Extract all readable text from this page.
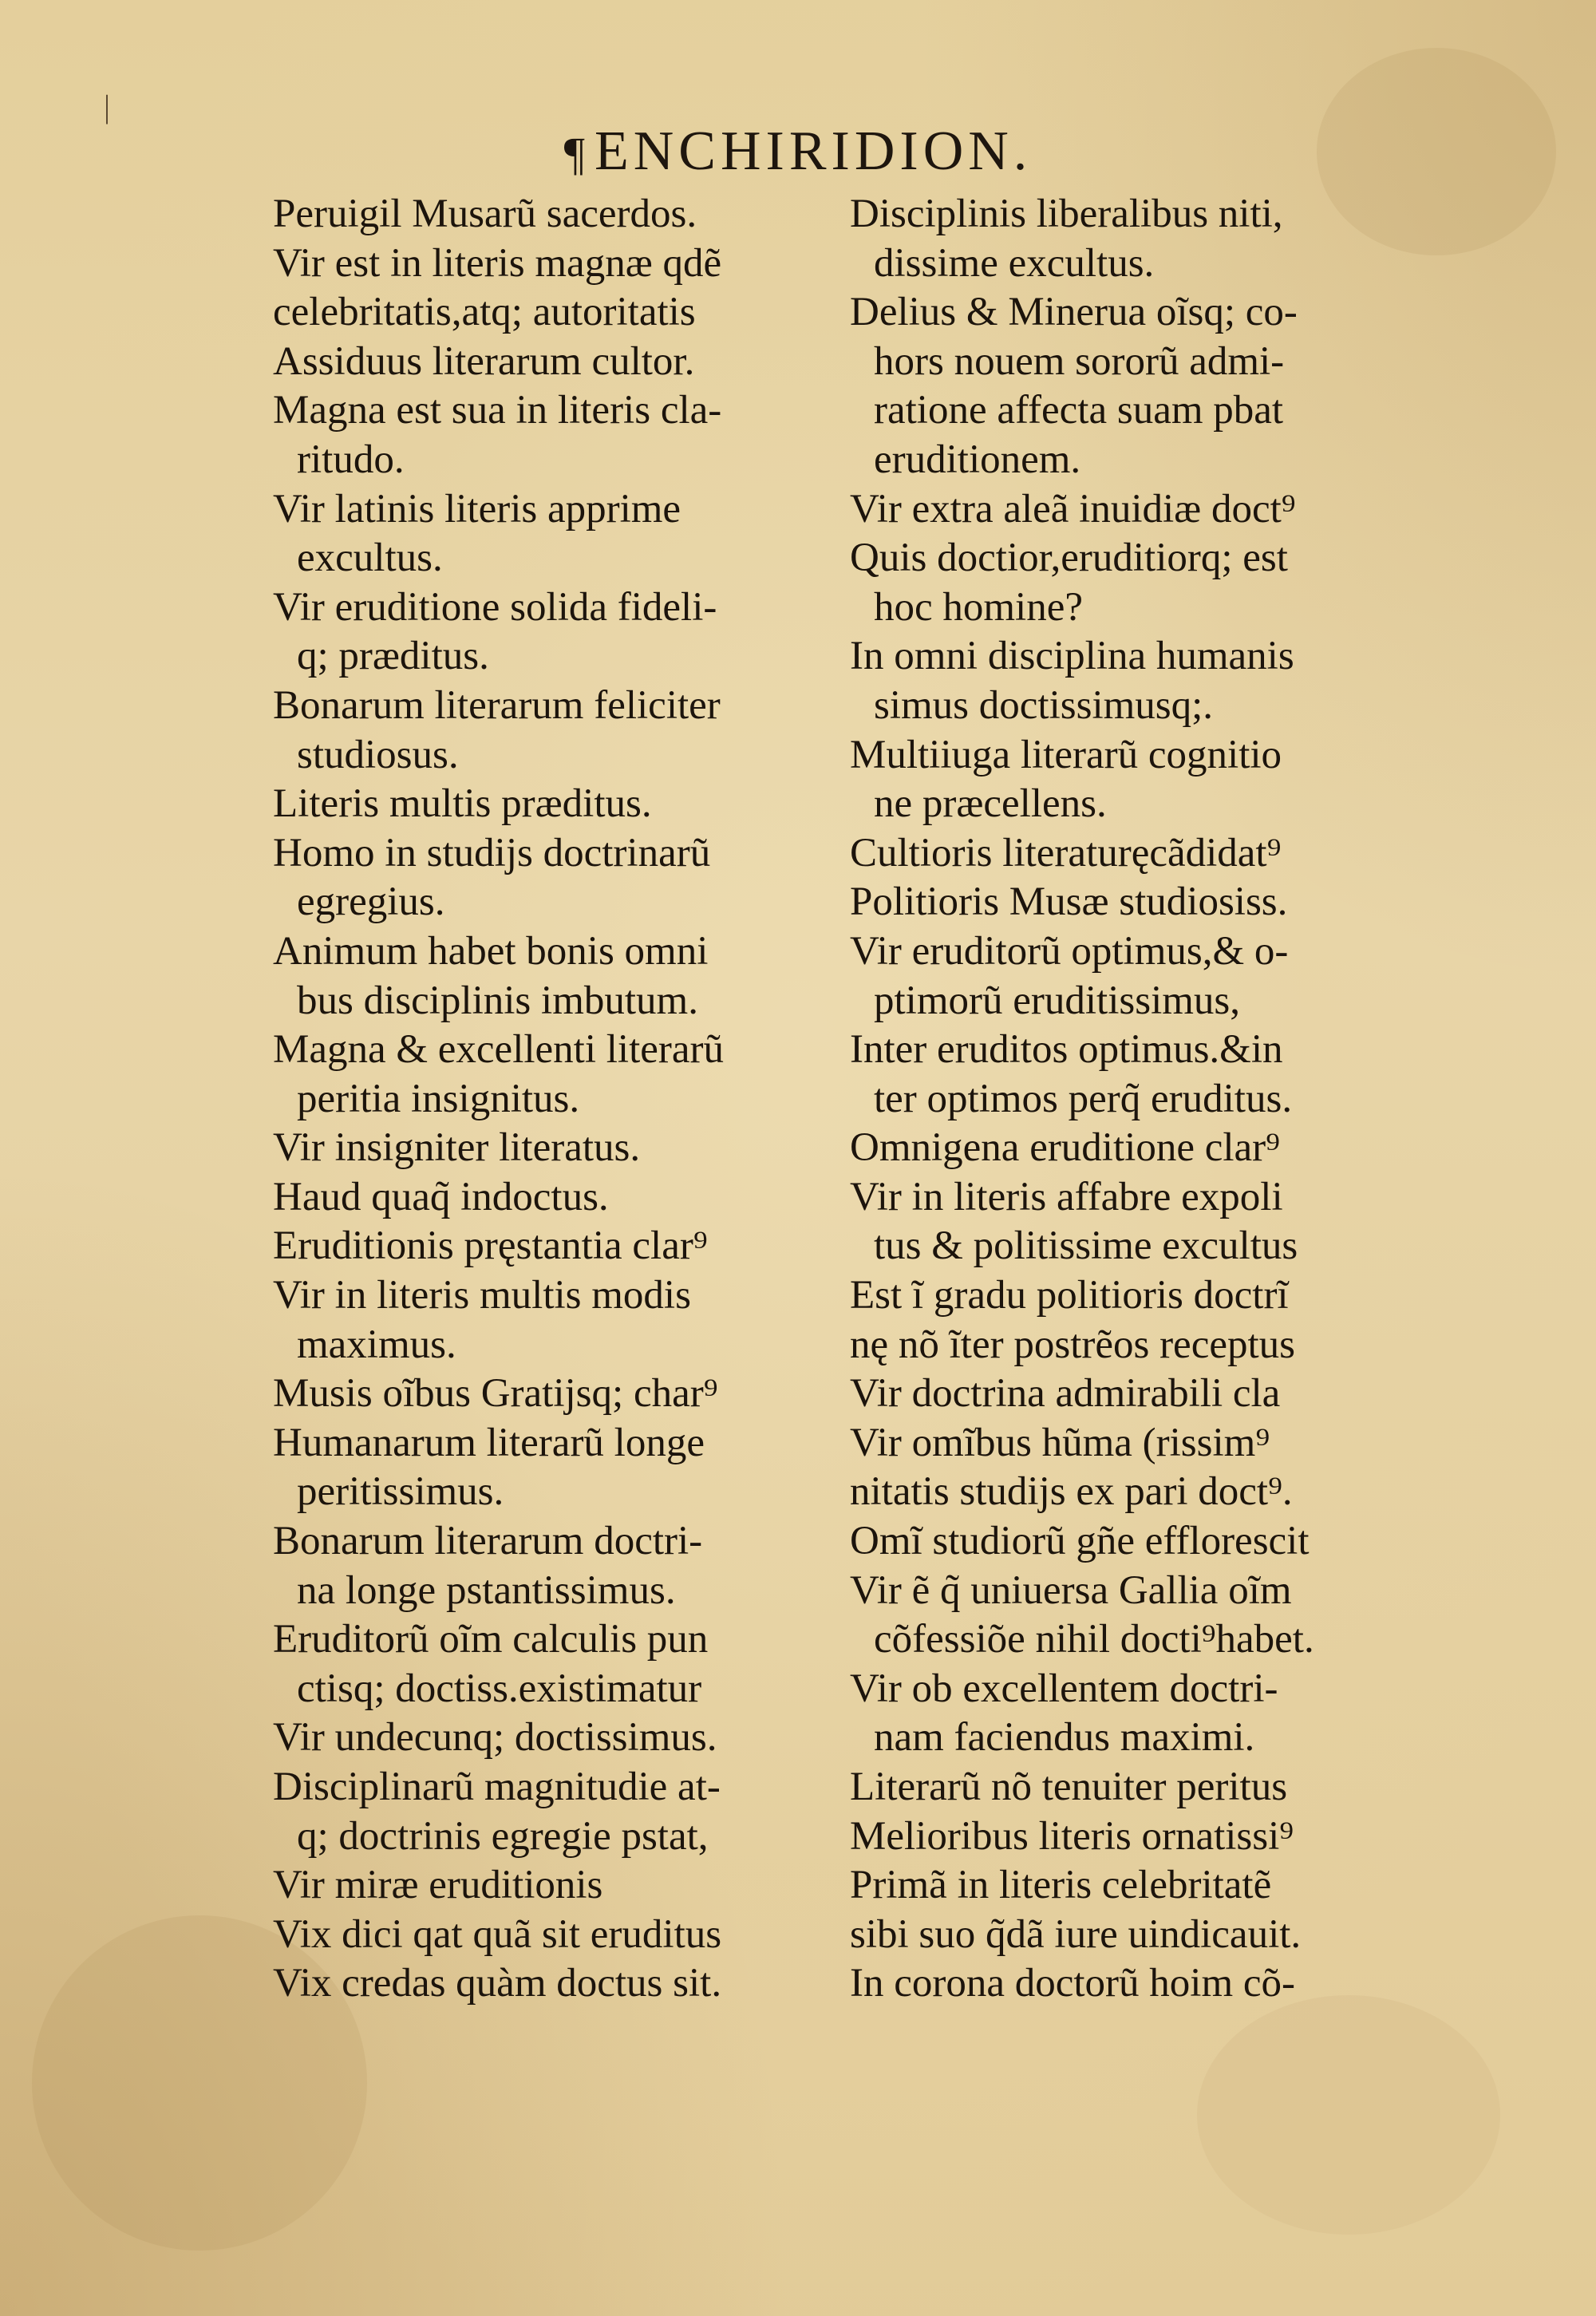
|
¶ENCHIRIDION.
Peruigil Musarũ sacerdos.
Vir est in literis magnæ qdẽ
celebritatis,atq; autoritatis
Assiduus literarum cultor.
Magna est sua in literis cla-
ritudo.
Vir latinis literis apprime
excultus.
Vir eruditione solida fideli-
q; præditus.
Bonarum literarum feliciter
studiosus.
Literis multis præditus.
Homo in studijs doctrinarũ
egregius.
Animum habet bonis omni
bus disciplinis imbutum.
Magna & excellenti literarũ
peritia insignitus.
Vir insigniter literatus.
Haud quaq̃ indoctus.
Eruditionis pręstantia clar⁹
Vir in literis multis modis
maximus.
Musis oĩbus Gratijsq; char⁹
Humanarum literarũ longe
peritissimus.
Bonarum literarum doctri-
na longe pstantissimus.
Eruditorũ oĩm calculis pun
ctisq; doctiss.existimatur
Vir undecunq; doctissimus.
Disciplinarũ magnitudie at-
q; doctrinis egregie pstat,
Vir miræ eruditionis
Vix dici qat quã sit eruditus
Vix credas quàm doctus sit.
Disciplinis liberalibus niti,
dissime excultus.
Delius & Minerua oĩsq; co-
hors nouem sororũ admi-
ratione affecta suam pbat
eruditionem.
Vir extra aleã inuidiæ doct⁹
Quis doctior,eruditiorq; est
hoc homine?
In omni disciplina humanis
simus doctissimusq;.
Multiiuga literarũ cognitio
ne præcellens.
Cultioris literaturęcãdidat⁹
Politioris Musæ studiosiss.
Vir eruditorũ optimus,& o-
ptimorũ eruditissimus,
Inter eruditos optimus.&in
ter optimos perq̃ eruditus.
Omnigena eruditione clar⁹
Vir in literis affabre expoli
tus & politissime excultus
Est ĩ gradu politioris doctrĩ
nę nõ ĩter postrẽos receptus
Vir doctrina admirabili cla
Vir omĩbus hũma (rissim⁹
nitatis studijs ex pari doct⁹.
Omĩ studiorũ gñe efflorescit
Vir ẽ q̃ uniuersa Gallia oĩm
cõfessiõe nihil docti⁹habet.
Vir ob excellentem doctri-
nam faciendus maximi.
Literarũ nõ tenuiter peritus
Melioribus literis ornatissi⁹
Primã in literis celebritatẽ
sibi suo q̃dã iure uindicauit.
In corona doctorũ hoim cõ-
